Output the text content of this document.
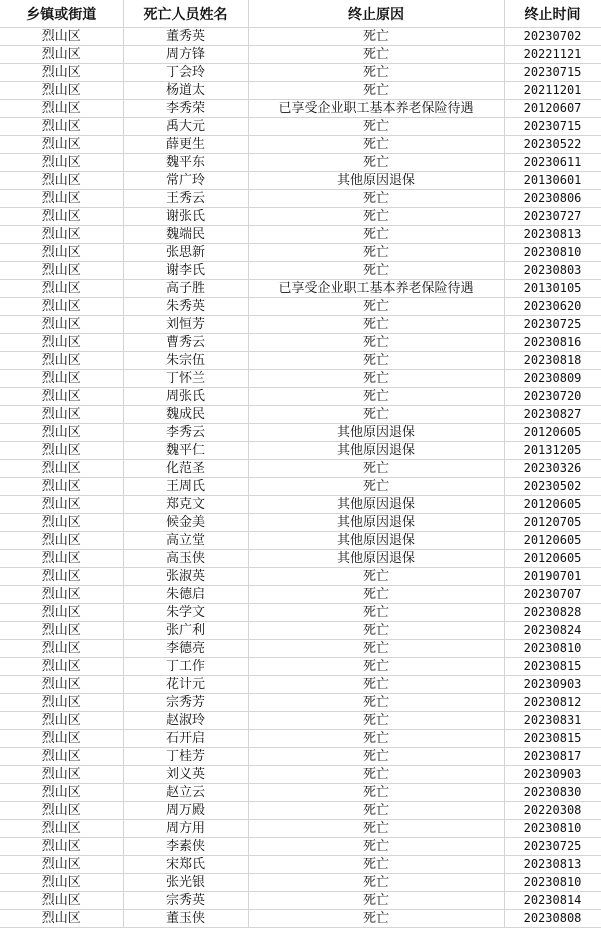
乡镇或街道	死亡人员姓名	终止原因	终止时间
烈山区	董秀英	死亡	20230702
烈山区	周方锋	死亡	20221121
烈山区	丁会玲	死亡	20230715
烈山区	杨道太	死亡	20211201
烈山区	李秀荣	已享受企业职工基本养老保险待遇	20120607
烈山区	禹大元	死亡	20230715
烈山区	薛更生	死亡	20230522
烈山区	魏平东	死亡	20230611
烈山区	常广玲	其他原因退保	20130601
烈山区	王秀云	死亡	20230806
烈山区	谢张氏	死亡	20230727
烈山区	魏端民	死亡	20230813
烈山区	张思新	死亡	20230810
烈山区	谢李氏	死亡	20230803
烈山区	高子胜	已享受企业职工基本养老保险待遇	20130105
烈山区	朱秀英	死亡	20230620
烈山区	刘恒芳	死亡	20230725
烈山区	曹秀云	死亡	20230816
烈山区	朱宗伍	死亡	20230818
烈山区	丁怀兰	死亡	20230809
烈山区	周张氏	死亡	20230720
烈山区	魏成民	死亡	20230827
烈山区	李秀云	其他原因退保	20120605
烈山区	魏平仁	其他原因退保	20131205
烈山区	化范圣	死亡	20230326
烈山区	王周氏	死亡	20230502
烈山区	郑克文	其他原因退保	20120605
烈山区	候金美	其他原因退保	20120705
烈山区	高立堂	其他原因退保	20120605
烈山区	高玉侠	其他原因退保	20120605
烈山区	张淑英	死亡	20190701
烈山区	朱德启	死亡	20230707
烈山区	朱学文	死亡	20230828
烈山区	张广利	死亡	20230824
烈山区	李德亮	死亡	20230810
烈山区	丁工作	死亡	20230815
烈山区	花计元	死亡	20230903
烈山区	宗秀芳	死亡	20230812
烈山区	赵淑玲	死亡	20230831
烈山区	石开启	死亡	20230815
烈山区	丁桂芳	死亡	20230817
烈山区	刘义英	死亡	20230903
烈山区	赵立云	死亡	20230830
烈山区	周万殿	死亡	20220308
烈山区	周方用	死亡	20230810
烈山区	李素侠	死亡	20230725
烈山区	宋郑氏	死亡	20230813
烈山区	张光银	死亡	20230810
烈山区	宗秀英	死亡	20230814
烈山区	董玉侠	死亡	20230808
